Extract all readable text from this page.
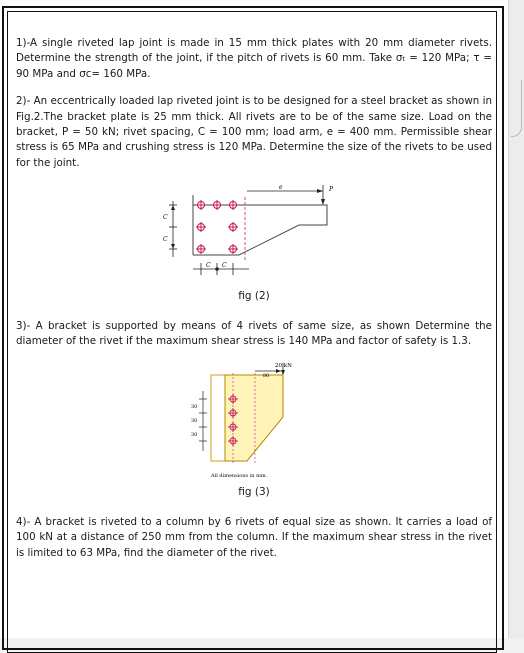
1)-A single riveted lap joint is made in 15 mm thick plates with 20 mm diameter rivets. Determine the strength of the joint, if the pitch of rivets is 60 mm. Take σₜ = 120 MPa; τ = 90 MPa and σc= 160 MPa.

2)- An eccentrically loaded lap riveted joint is to be designed for a steel bracket as shown in Fig.2.The bracket plate is 25 mm thick. All rivets are to be of the same size. Load on the bracket, P = 50 kN; rivet spacing, C = 100 mm; load arm, e = 400 mm. Permissible shear stress is 65 MPa and crushing stress is 120 MPa. Determine the size of the rivets to be used for the joint.

P
e
C
C
C C
fig (2)

3)- A bracket is supported by means of 4 rivets of same size, as shown Determine the diameter of the rivet if the maximum shear stress is 140 MPa and factor of safety is 1.3.

20 kN
80
30
30
30
All dimensions in mm.
fig (3)

4)- A bracket is riveted to a column by 6 rivets of equal size as shown. It carries a load of 100 kN at a distance of 250 mm from the column. If the maximum shear stress in the rivet is limited to 63 MPa, find the diameter of the rivet.
